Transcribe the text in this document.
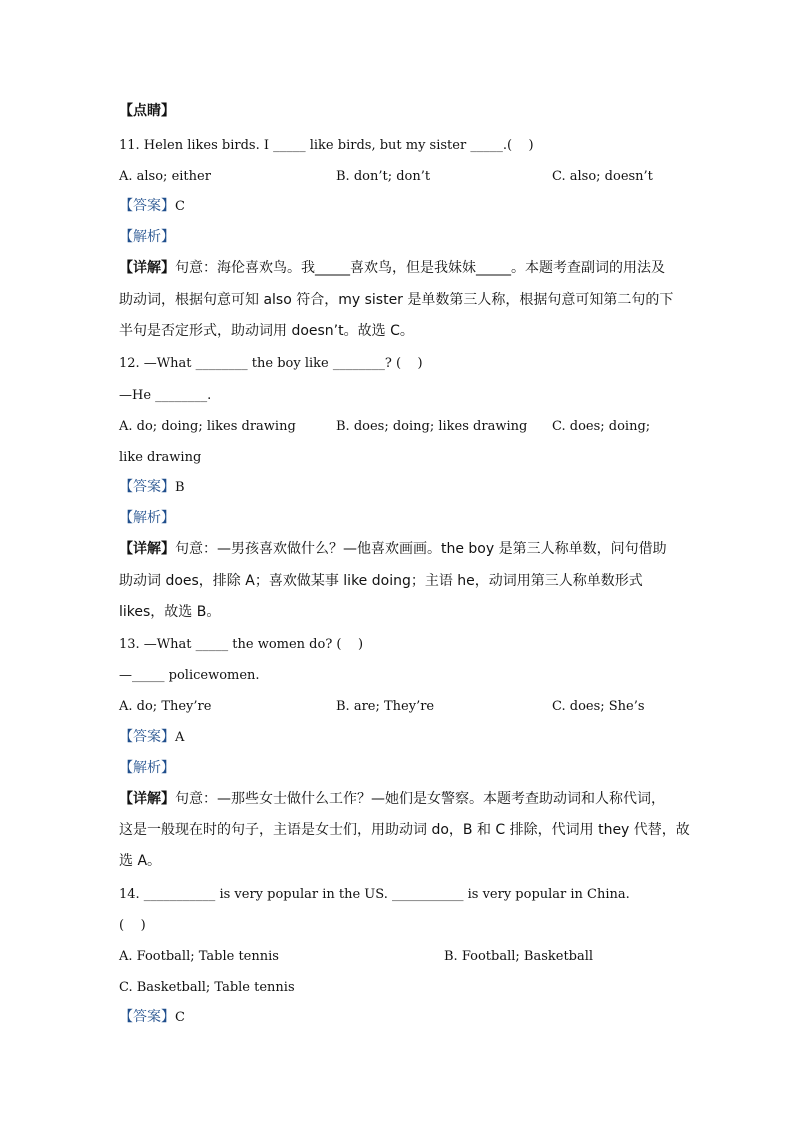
【点睛】
11. Helen likes birds. I _____ like birds, but my sister _____.(    )
A. also; either	B. don’t; don’t	C. also; doesn’t
【答案】C
【解析】
【详解】句意：海伦喜欢鸟。我_____喜欢鸟，但是我妹妹_____。本题考查副词的用法及
助动词，根据句意可知 also 符合，my sister 是单数第三人称，根据句意可知第二句的下
半句是否定形式，助动词用 doesn’t。故选 C。
12. —What ________ the boy like ________? (    )
—He ________.
A. do; doing; likes drawing	B. does; doing; likes drawing C. does; doing;
like drawing
【答案】B
【解析】
【详解】句意：—男孩喜欢做什么？—他喜欢画画。the boy 是第三人称单数，问句借助
助动词 does，排除 A；喜欢做某事 like doing；主语 he，动词用第三人称单数形式
likes，故选 B。
13. —What _____ the women do? (    )
—_____ policewomen.
A. do; They’re	B. are; They’re	C. does; She’s
【答案】A
【解析】
【详解】句意：—那些女士做什么工作？—她们是女警察。本题考查助动词和人称代词，
这是一般现在时的句子，主语是女士们，用助动词 do，B 和 C 排除，代词用 they 代替，故
选 A。
14. ___________ is very popular in the US. ___________ is very popular in China.
(    )
A. Football; Table tennis	B. Football; Basketball
C. Basketball; Table tennis
【答案】C
